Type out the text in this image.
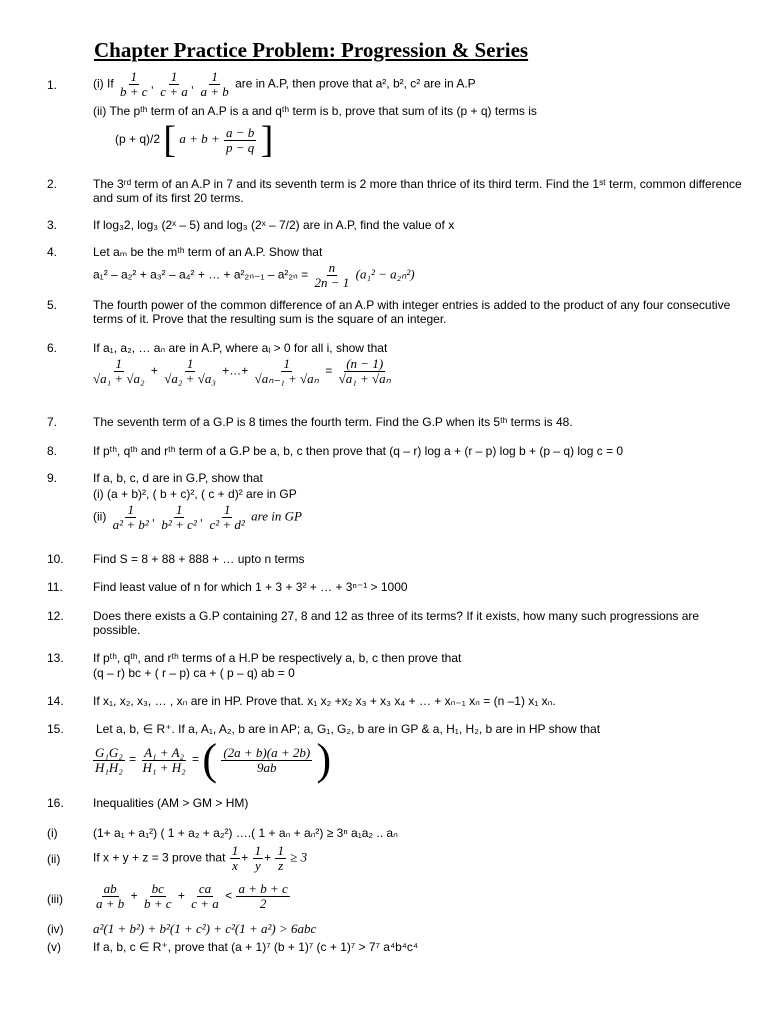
Chapter Practice Problem: Progression & Series
1.	(i) If $\frac{1}{b + c}$ , $\frac{1}{c + a}$ , $\frac{1}{a + b}$ are in A.P, then prove that a², b², c² are in A.P
(ii) The pᵗʰ term of an A.P is a and qᵗʰ term is b, prove that sum of its (p + q) terms is
(p + q)/2 [ $a + b + \frac{a - b}{p - q}$ ]
2.	The 3ʳᵈ term of an A.P in 7 and its seventh term is 2 more than thrice of its third term. Find the 1ˢᵗ term, common difference and sum of its first 20 terms.
3.	If log₃2, log₃ (2ˣ – 5) and log₃ (2ˣ – 7/2) are in A.P, find the value of x
4.	Let aₘ be the mᵗʰ term of an A.P. Show that
a₁² – a₂² + a₃² – a₄² + … + $a^2_{2n-1} - a^2_{2n} = \frac{n}{2n - 1} (a_1^2 - a_{2n}^2)$
5.	The fourth power of the common difference of an A.P with integer entries is added to the product of any four consecutive terms of it. Prove that the resulting sum is the square of an integer.
6.	If a₁, a₂, … aₙ are in A.P, where aᵢ > 0 for all i, show that
$\frac{1}{\text{√a₁ + √a₂}} + \frac{1}{\text{√a₂ + √a₃}}$ +…+ $\frac{1}{\text{√aₙ₋₁ + √aₙ}} = \frac{(n - 1)}{\text{√a₁ + √aₙ}}$
7.	The seventh term of a G.P is 8 times the fourth term. Find the G.P when its 5ᵗʰ terms is 48.
8.	If pᵗʰ, qᵗʰ and rᵗʰ term of a G.P be a, b, c then prove that (q – r) log a + (r – p) log b + (p – q) log c = 0
9.	If a, b, c, d are in G.P, show that
(i) (a + b)², ( b + c)², ( c + d)² are in GP
$(ii) \frac{1}{\text{a² + b²}}$ , $\frac{1}{\text{b² + c²}}$ , $\frac{1}{\text{c² + d²}}$ are in GP
10. Find S = 8 + 88 + 888 + … upto n terms
11.	Find least value of n for which 1 + 3 + 3² + … + 3ⁿ⁻¹ > 1000
12. Does there exists a G.P containing 27, 8 and 12 as three of its terms? If it exists, how many such progressions are possible.
13. If pᵗʰ, qᵗʰ, and rᵗʰ terms of a H.P be respectively a, b, c then prove that
(q – r) bc + ( r – p) ca + ( p – q) ab = 0
14. If x₁, x₂, x₃, … , xₙ are in HP. Prove that. x₁ x₂ +x₂ x₃ + x₃ x₄ + … + xₙ₋₁ xₙ = (n –1) x₁ xₙ.
15.	Let a, b, ∈ R⁺. If a, A₁, A₂, b are in AP; a, G₁, G₂, b are in GP & a, H₁, H₂, b are in HP show that
$\frac{\text{G₁G₂}}{\text{H₁H₂}} = \frac{\text{A₁ + A₂}}{\text{H₁ + H₂}}$ = ( $\frac{(2a + b)(a + 2b)}{9ab}$ )
16. Inequalities (AM > GM > HM)
(i)	(1+ a₁ + a₁²) ( 1 + a₂ + a₂²) ….( 1 + aₙ + aₙ²) ≥ 3ⁿ a₁a₂ .. aₙ
(ii)	If x + y + z = 3 prove that $\frac{1}{x} + \frac{1}{y} + \frac{1}{z} \ge 3$
$(iii) \frac{ab}{a + b} + \frac{bc}{b + c} + \frac{ca}{c + a} < \frac{a + b + c}{2}$
(iv) a²(1 + b²) + b²(1 + c²) + c²(1 + a²) > 6abc
(v)	If a, b, c ∈ R⁺, prove that (a + 1)⁷ (b + 1)⁷ (c + 1)⁷ > 7⁷ a⁴b⁴c⁴
